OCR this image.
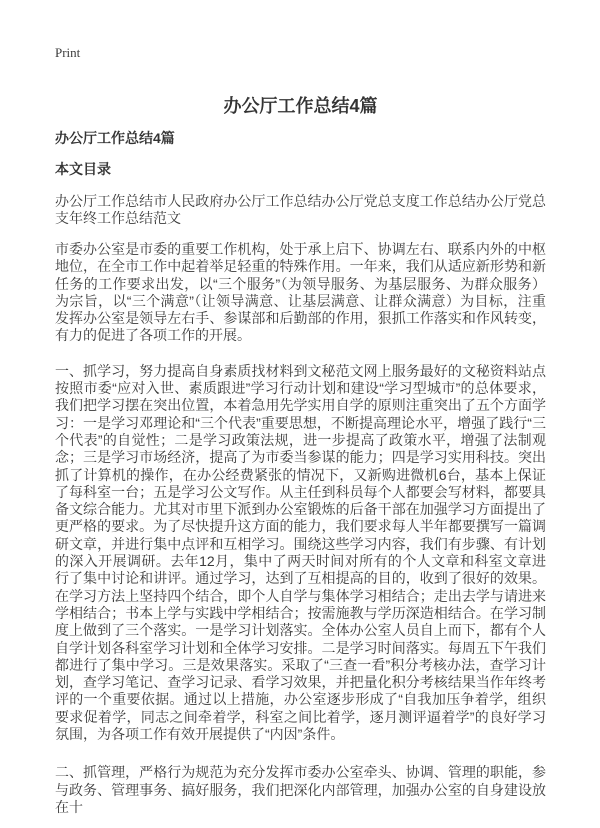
Print
办公厅工作总结4篇
办公厅工作总结4篇
本文目录

办公厅工作总结市人民政府办公厅工作总结办公厅党总支度工作总结办公厅党总支年终工作总结范文

市委办公室是市委的重要工作机构，处于承上启下、协调左右、联系内外的中枢地位，在全市工作中起着举足轻重的特殊作用。一年来，我们从适应新形势和新任务的工作要求出发，以“三个服务”（为领导服务、为基层服务、为群众服务）为宗旨，以“三个满意”（让领导满意、让基层满意、让群众满意）为目标，注重发挥办公室是领导左右手、参谋部和后勤部的作用，狠抓工作落实和作风转变，有力的促进了各项工作的开展。

一、抓学习，努力提高自身素质找材料到文秘范文网上服务最好的文秘资料站点按照市委“应对入世、素质跟进”学习行动计划和建设“学习型城市”的总体要求，我们把学习摆在突出位置，本着急用先学实用自学的原则注重突出了五个方面学习：一是学习邓理论和“三个代表”重要思想，不断提高理论水平，增强了践行“三个代表”的自觉性；二是学习政策法规，进一步提高了政策水平，增强了法制观念；三是学习市场经济，提高了为市委当参谋的能力；四是学习实用科技。突出抓了计算机的操作，在办公经费紧张的情况下，又新购进微机6台，基本上保证了每科室一台；五是学习公文写作。从主任到科员每个人都要会写材料，都要具备文综合能力。尤其对市里下派到办公室锻炼的后备干部在加强学习方面提出了更严格的要求。为了尽快提升这方面的能力，我们要求每人半年都要撰写一篇调研文章，并进行集中点评和互相学习。围绕这些学习内容，我们有步骤、有计划的深入开展调研。去年12月，集中了两天时间对所有的个人文章和科室文章进行了集中讨论和讲评。通过学习，达到了互相提高的目的，收到了很好的效果。在学习方法上坚持四个结合，即个人自学与集体学习相结合；走出去学与请进来学相结合；书本上学与实践中学相结合；按需施教与学历深造相结合。在学习制度上做到了三个落实。一是学习计划落实。全体办公室人员自上而下，都有个人自学计划各科室学习计划和全体学习安排。二是学习时间落实。每周五下午我们都进行了集中学习。三是效果落实。采取了“三查一看”积分考核办法，查学习计划，查学习笔记、查学习记录、看学习效果，并把量化积分考核结果当作年终考评的一个重要依据。通过以上措施，办公室逐步形成了“自我加压争着学，组织要求促着学，同志之间牵着学，科室之间比着学，逐月测评逼着学”的良好学习氛围，为各项工作有效开展提供了“内因”条件。

二、抓管理，严格行为规范为充分发挥市委办公室牵头、协调、管理的职能，参与政务、管理事务、搞好服务，我们把深化内部管理，加强办公室的自身建设放在十
